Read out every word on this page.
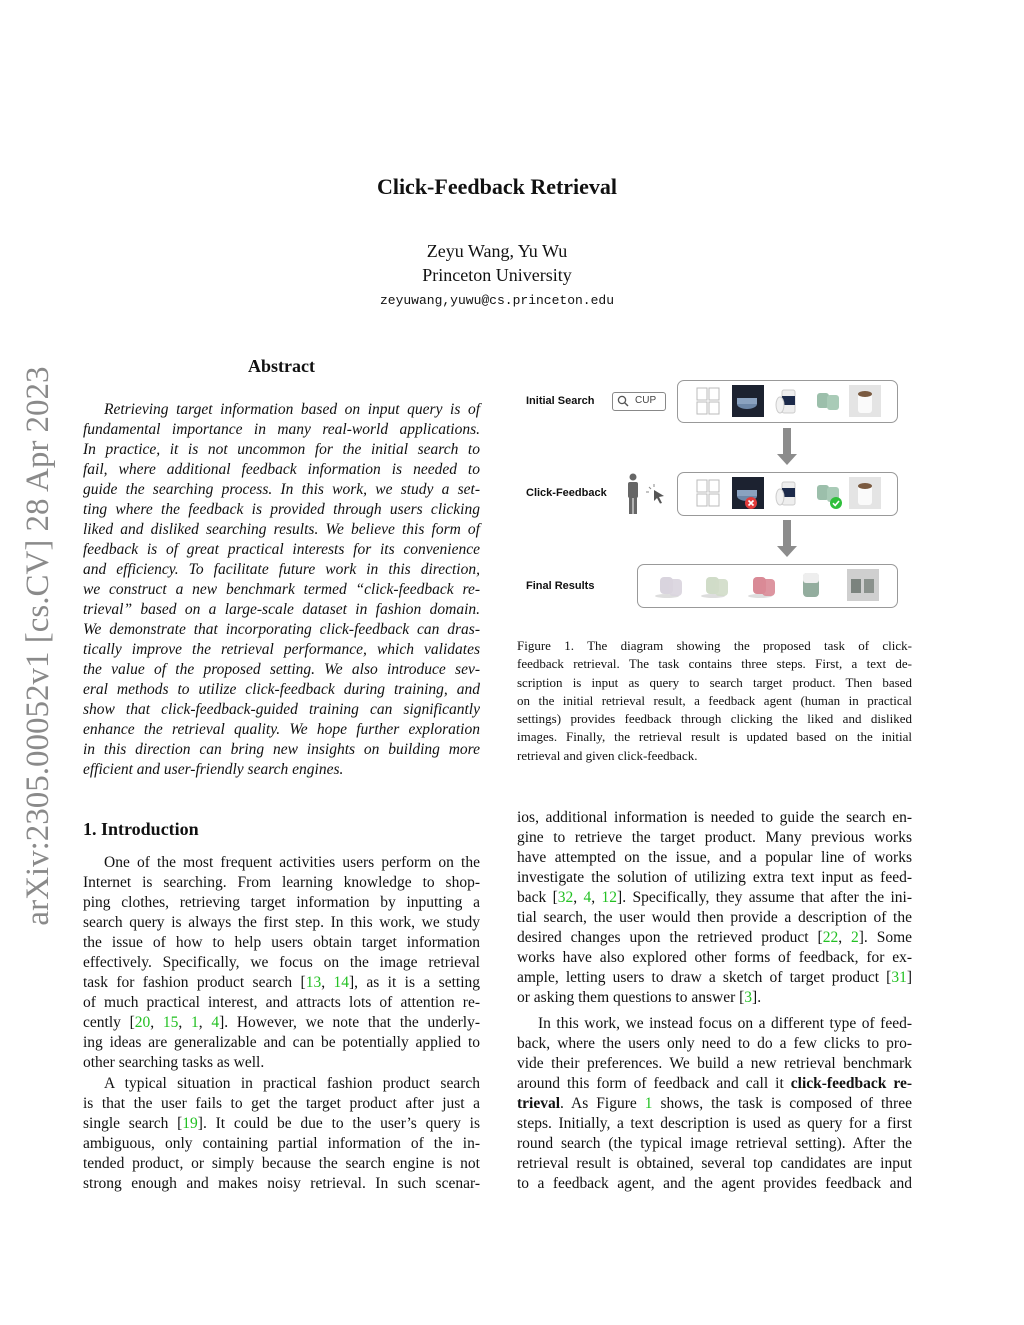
arXiv:2305.00052v1 [cs.CV] 28 Apr 2023
Click-Feedback Retrieval
Zeyu Wang, Yu Wu
Princeton University
zeyuwang,yuwu@cs.princeton.edu
Abstract
Retrieving target information based on input query is of
fundamental importance in many real-world applications.
In practice, it is not uncommon for the initial search to
fail, where additional feedback information is needed to
guide the searching process. In this work, we study a set-
ting where the feedback is provided through users clicking
liked and disliked searching results. We believe this form of
feedback is of great practical interests for its convenience
and efficiency. To facilitate future work in this direction,
we construct a new benchmark termed “click-feedback re-
trieval” based on a large-scale dataset in fashion domain.
We demonstrate that incorporating click-feedback can dras-
tically improve the retrieval performance, which validates
the value of the proposed setting. We also introduce sev-
eral methods to utilize click-feedback during training, and
show that click-feedback-guided training can significantly
enhance the retrieval quality. We hope further exploration
in this direction can bring new insights on building more
efficient and user-friendly search engines.
1. Introduction
One of the most frequent activities users perform on the
Internet is searching. From learning knowledge to shop-
ping clothes, retrieving target information by inputting a
search query is always the first step. In this work, we study
the issue of how to help users obtain target information
effectively. Specifically, we focus on the image retrieval
task for fashion product search [13, 14], as it is a setting
of much practical interest, and attracts lots of attention re-
cently [20, 15, 1, 4]. However, we note that the underly-
ing ideas are generalizable and can be potentially applied to
other searching tasks as well.
A typical situation in practical fashion product search
is that the user fails to get the target product after just a
single search [19]. It could be due to the user’s query is
ambiguous, only containing partial information of the in-
tended product, or simply because the search engine is not
strong enough and makes noisy retrieval. In such scenar-
ios, additional information is needed to guide the search en-
gine to retrieve the target product. Many previous works
have attempted on the issue, and a popular line of works
investigate the solution of utilizing extra text input as feed-
back [32, 4, 12]. Specifically, they assume that after the ini-
tial search, the user would then provide a description of the
desired changes upon the retrieved product [22, 2]. Some
works have also explored other forms of feedback, for ex-
ample, letting users to draw a sketch of target product [31]
or asking them questions to answer [3].
In this work, we instead focus on a different type of feed-
back, where the users only need to do a few clicks to pro-
vide their preferences. We build a new retrieval benchmark
around this form of feedback and call it click-feedback re-
trieval. As Figure 1 shows, the task is composed of three
steps. Initially, a text description is used as query for a first
round search (the typical image retrieval setting). After the
retrieval result is obtained, several top candidates are input
to a feedback agent, and the agent provides feedback and
Initial Search
Click-Feedback
Final Results
CUP
Figure 1. The diagram showing the proposed task of click-
feedback retrieval. The task contains three steps. First, a text de-
scription is input as query to search target product. Then based
on the initial retrieval result, a feedback agent (human in practical
settings) provides feedback through clicking the liked and disliked
images. Finally, the retrieval result is updated based on the initial
retrieval and given click-feedback.
